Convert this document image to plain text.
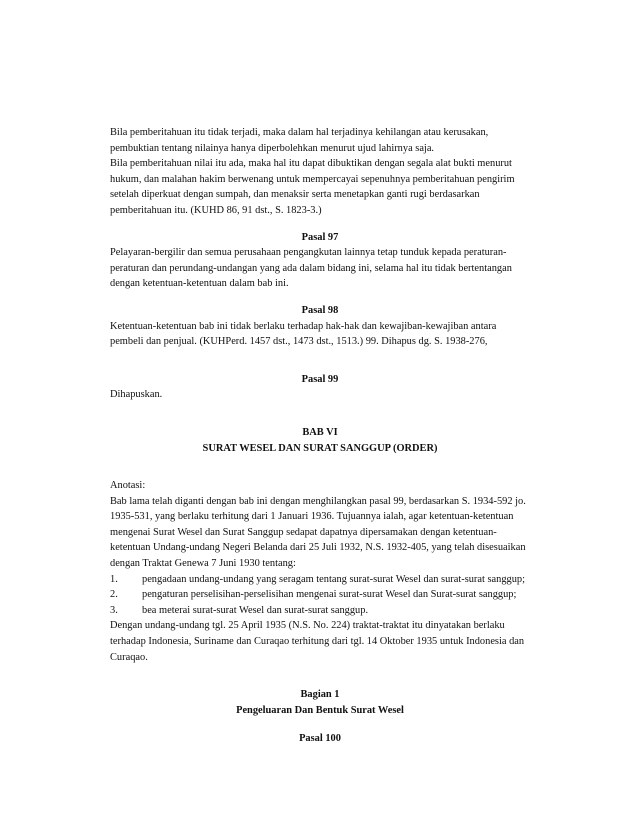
Bila pemberitahuan itu tidak terjadi, maka dalam hal terjadinya kehilangan atau kerusakan, pembuktian tentang nilainya hanya diperbolehkan menurut ujud lahirnya saja.

Bila pemberitahuan nilai itu ada, maka hal itu dapat dibuktikan dengan segala alat bukti menurut hukum, dan malahan hakim berwenang untuk mempercayai sepenuhnya pemberitahuan pengirim setelah diperkuat dengan sumpah, dan menaksir serta menetapkan ganti rugi berdasarkan pemberitahuan itu. (KUHD 86, 91 dst., S. 1823-3.)

Pasal 97

Pelayaran-bergilir dan semua perusahaan pengangkutan lainnya tetap tunduk kepada peraturan-peraturan dan perundang-undangan yang ada dalam bidang ini, selama hal itu tidak bertentangan dengan ketentuan-ketentuan dalam bab ini.

Pasal 98

Ketentuan-ketentuan bab ini tidak berlaku terhadap hak-hak dan kewajiban-kewajiban antara pembeli dan penjual. (KUHPerd. 1457 dst., 1473 dst., 1513.) 99. Dihapus dg. S. 1938-276,

Pasal 99

Dihapuskan.

BAB VI

SURAT WESEL DAN SURAT SANGGUP (ORDER)

Anotasi:

Bab lama telah diganti dengan bab ini dengan menghilangkan pasal 99, berdasarkan S. 1934-592 jo. 1935-531, yang berlaku terhitung dari 1 Januari 1936. Tujuannya ialah, agar ketentuan-ketentuan mengenai Surat Wesel dan Surat Sanggup sedapat dapatnya dipersamakan dengan ketentuan-ketentuan Undang-undang Negeri Belanda dari 25 Juli 1932, N.S. 1932-405, yang telah disesuaikan dengan Traktat Genewa 7 Juni 1930 tentang:

1.	pengadaan undang-undang yang seragam tentang surat-surat Wesel dan surat-surat sanggup;
2.	pengaturan perselisihan-perselisihan mengenai surat-surat Wesel dan Surat-surat sanggup;
3.	bea meterai surat-surat Wesel dan surat-surat sanggup.

Dengan undang-undang tgl. 25 April 1935 (N.S. No. 224) traktat-traktat itu dinyatakan berlaku terhadap Indonesia, Suriname dan Curaqao terhitung dari tgl. 14 Oktober 1935 untuk Indonesia dan Curaqao.

Bagian 1

Pengeluaran Dan Bentuk Surat Wesel

Pasal 100
